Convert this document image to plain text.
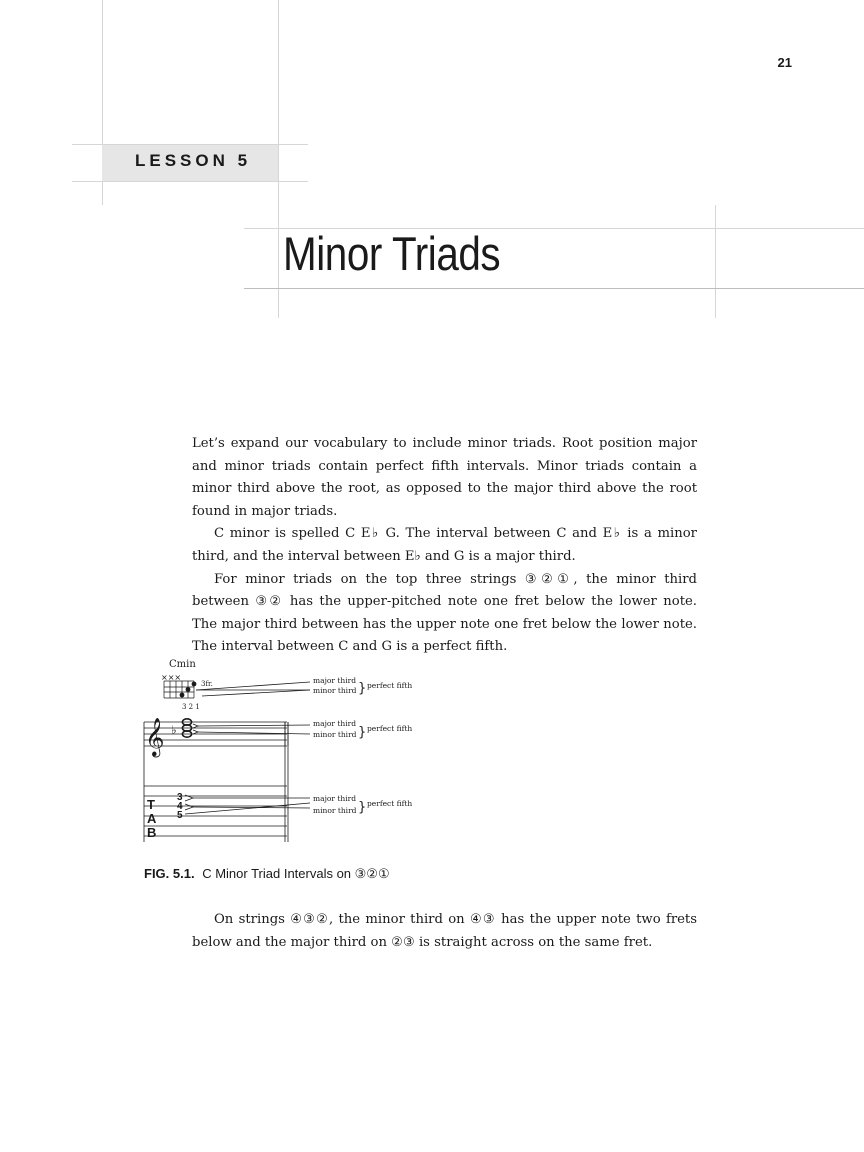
21
LESSON 5
Minor Triads

Let’s expand our vocabulary to include minor triads. Root position major and minor triads contain perfect fifth intervals. Minor triads contain a minor third above the root, as opposed to the major third above the root found in major triads.

C minor is spelled C E♭ G. The interval between C and E♭ is a minor third, and the interval between E♭ and G is a major third.

For minor triads on the top three strings ③②①, the minor third between ③② has the upper-pitched note one fret below the lower note. The major third between has the upper note one fret below the lower note. The interval between C and G is a perfect fifth.

Cmin
×××
3fr.
3 2 1
major third
minor third } perfect fifth
𝄞 ♭	major third
minor third } perfect fifth
T
A
B
3
4
5
major third
minor third } perfect fifth
FIG. 5.1. C Minor Triad Intervals on ③②①

On strings ④③②, the minor third on ④③ has the upper note two frets below and the major third on ②③ is straight across on the same fret.
